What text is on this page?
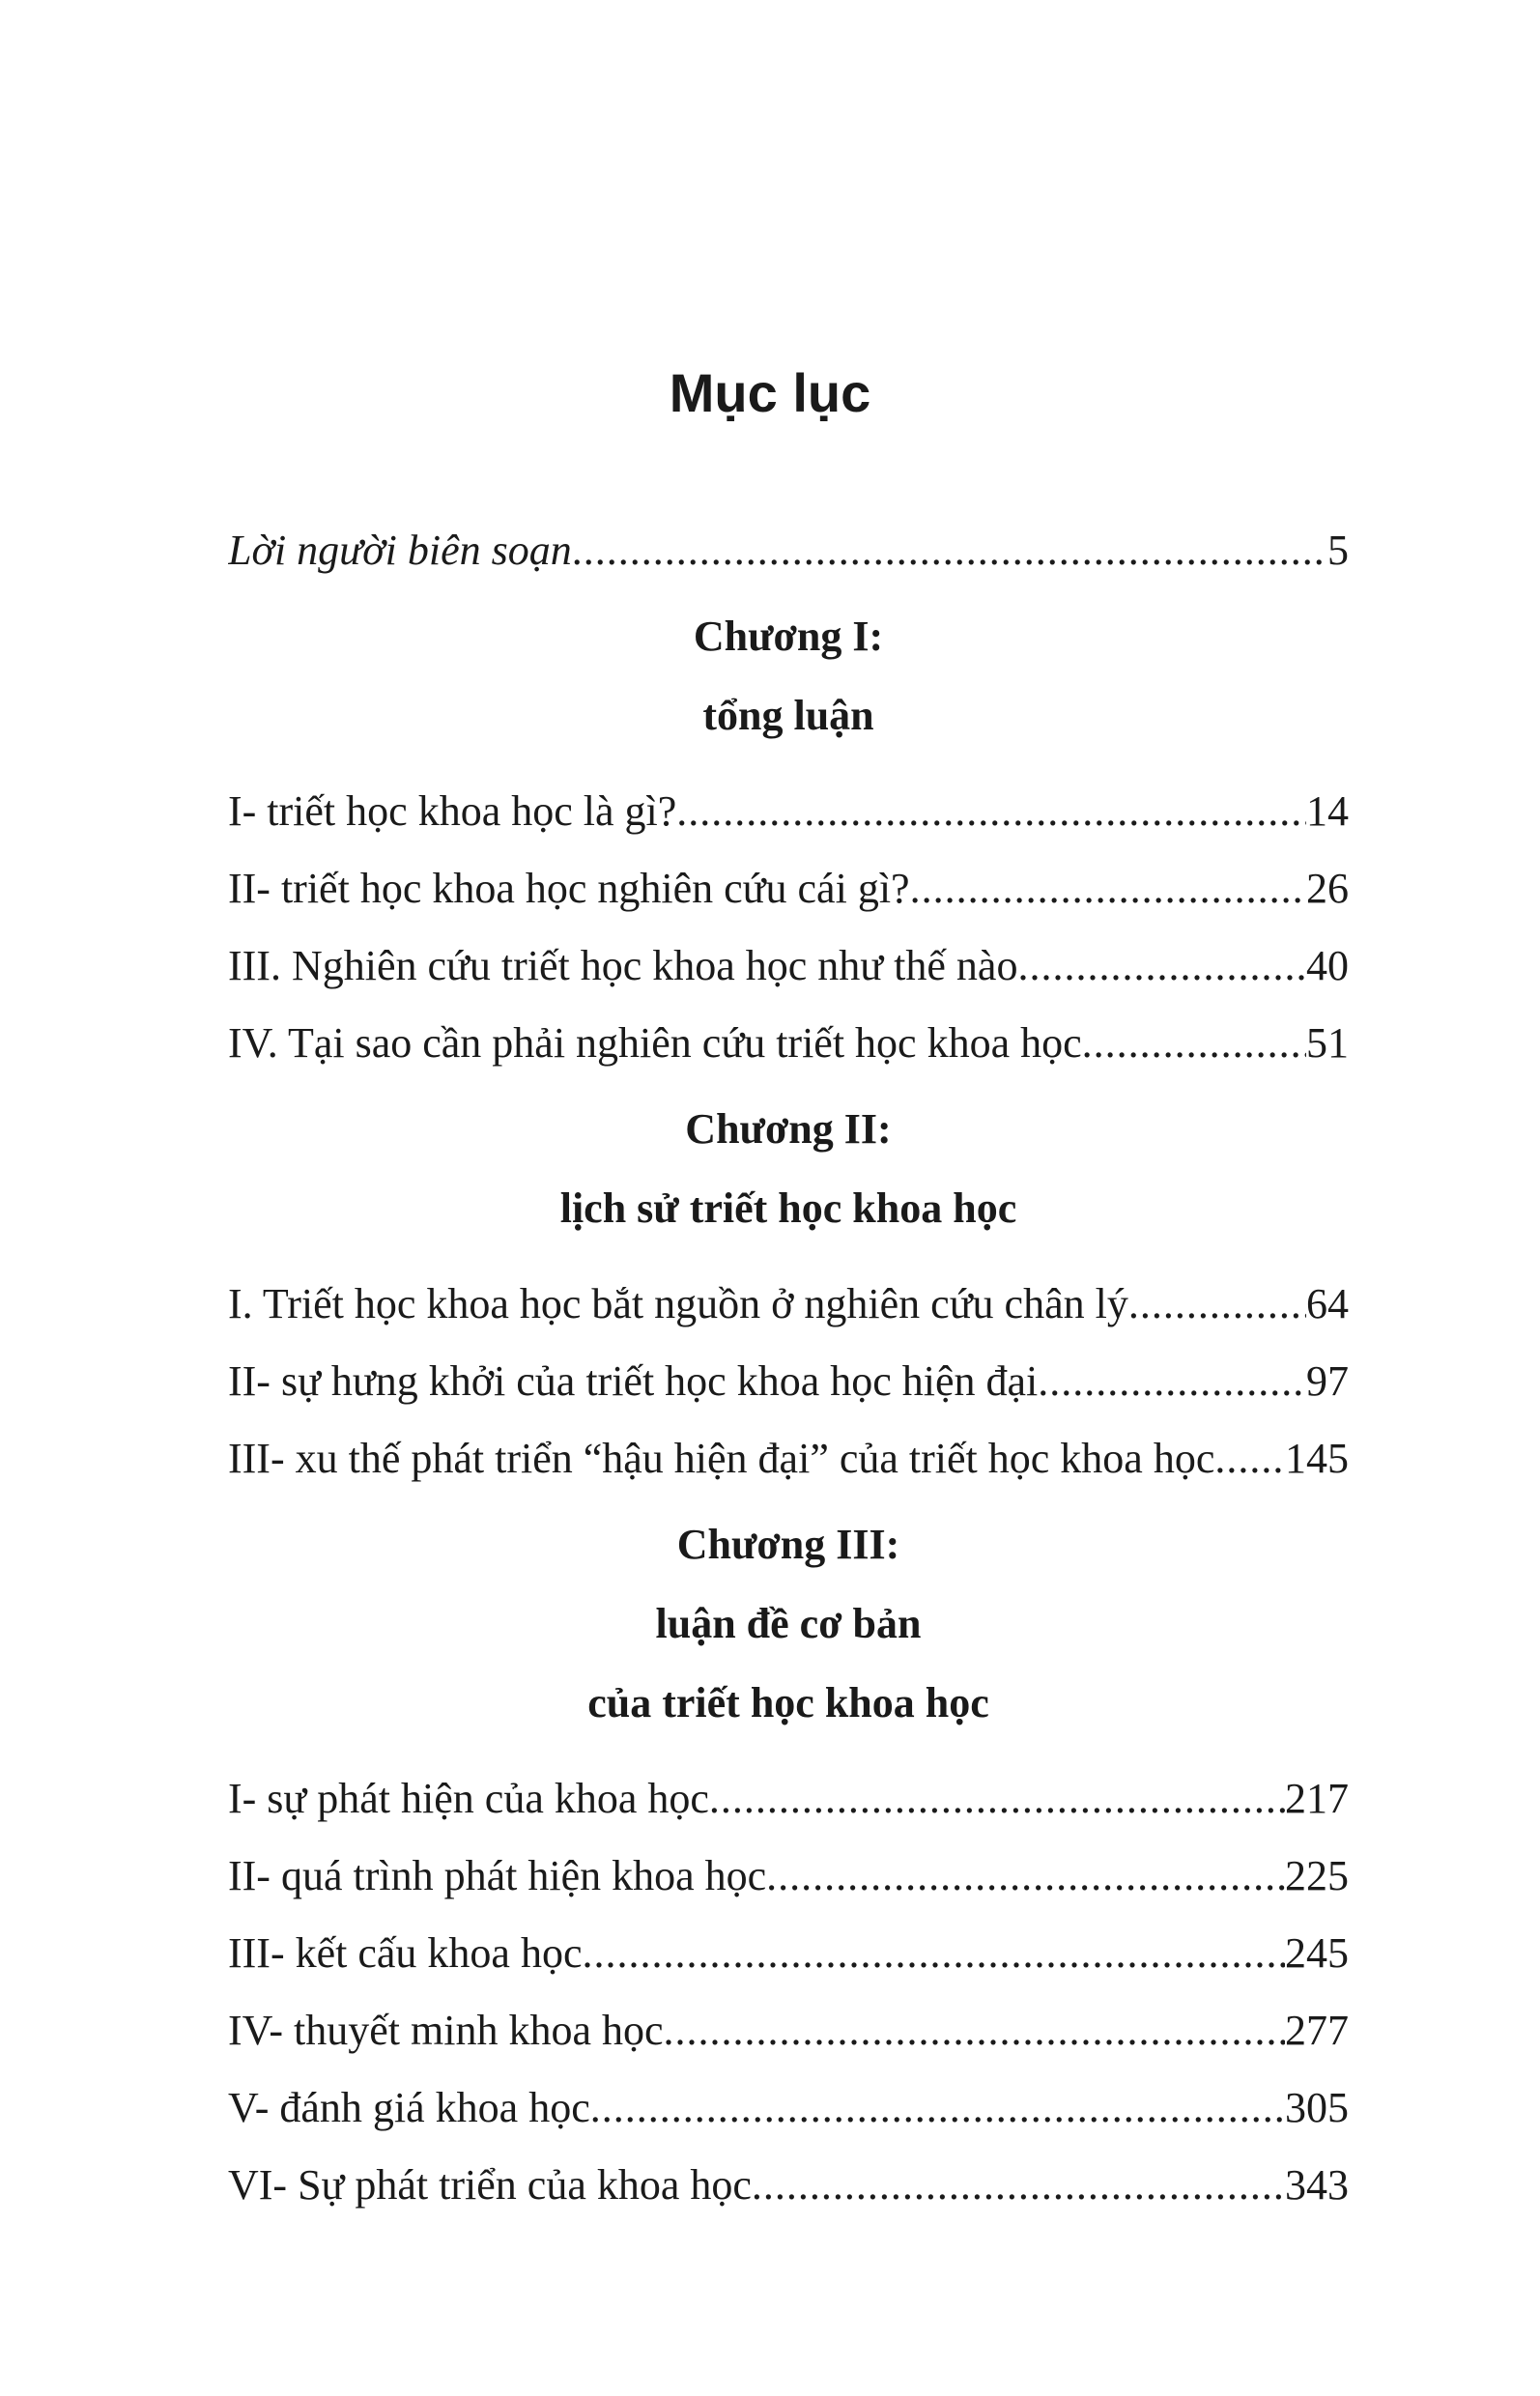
Mục lục
Lời người biên soạn .....	5
Chương I:
tổng luận
I- triết học khoa học là gì? .....	14
II- triết học khoa học nghiên cứu cái gì? .....	26
III. Nghiên cứu triết học khoa học như thế nào .....	40
IV. Tại sao cần phải nghiên cứu triết học khoa học .....	51
Chương II:
lịch sử triết học khoa học
I. Triết học khoa học bắt nguồn ở nghiên cứu chân lý .....	64
II- sự hưng khởi của triết học khoa học hiện đại .....	97
III- xu thế phát triển “hậu hiện đại” của triết học khoa học ..... 145
Chương III:
luận đề cơ bản
của triết học khoa học
I- sự phát hiện của khoa học .....	217
II- quá trình phát hiện khoa học .....	225
III- kết cấu khoa học .....	245
IV- thuyết minh khoa học .....	277
V- đánh giá khoa học .....	305
VI- Sự phát triển của khoa học .....	343
